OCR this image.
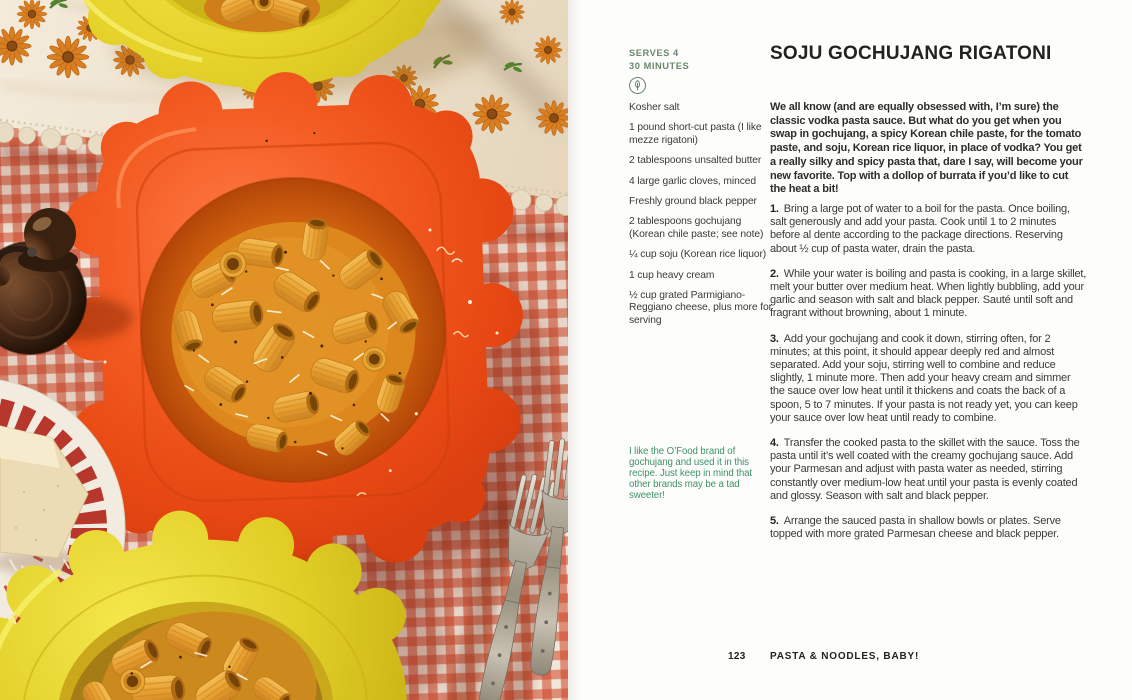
SERVES 4
30 MINUTES
Kosher salt
1 pound short-cut pasta (I like mezze rigatoni)
2 tablespoons unsalted butter
4 large garlic cloves, minced
Freshly ground black pepper
2 tablespoons gochujang (Korean chile paste; see note)
¼ cup soju (Korean rice liquor)
1 cup heavy cream
½ cup grated Parmigiano-Reggiano cheese, plus more for serving
I like the O’Food brand of gochujang and used it in this recipe. Just keep in mind that other brands may be a tad sweeter!
SOJU GOCHUJANG RIGATONI

We all know (and are equally obsessed with, I’m sure) the classic vodka pasta sauce. But what do you get when you swap in gochujang, a spicy Korean chile paste, for the tomato paste, and soju, Korean rice liquor, in place of vodka? You get a really silky and spicy pasta that, dare I say, will become your new favorite. Top with a dollop of burrata if you’d like to cut the heat a bit!

1. Bring a large pot of water to a boil for the pasta. Once boiling, salt generously and add your pasta. Cook until 1 to 2 minutes before al dente according to the package directions. Reserving about ½ cup of pasta water, drain the pasta.

2. While your water is boiling and pasta is cooking, in a large skillet, melt your butter over medium heat. When lightly bubbling, add your garlic and season with salt and black pepper. Sauté until soft and fragrant without browning, about 1 minute.

3. Add your gochujang and cook it down, stirring often, for 2 minutes; at this point, it should appear deeply red and almost separated. Add your soju, stirring well to combine and reduce slightly, 1 minute more. Then add your heavy cream and simmer the sauce over low heat until it thickens and coats the back of a spoon, 5 to 7 minutes. If your pasta is not ready yet, you can keep your sauce over low heat until ready to combine.

4. Transfer the cooked pasta to the skillet with the sauce. Toss the pasta until it’s well coated with the creamy gochujang sauce. Add your Parmesan and adjust with pasta water as needed, stirring constantly over medium-low heat until your pasta is evenly coated and glossy. Season with salt and black pepper.

5. Arrange the sauced pasta in shallow bowls or plates. Serve topped with more grated Parmesan cheese and black pepper.

123 PASTA & NOODLES, BABY!
